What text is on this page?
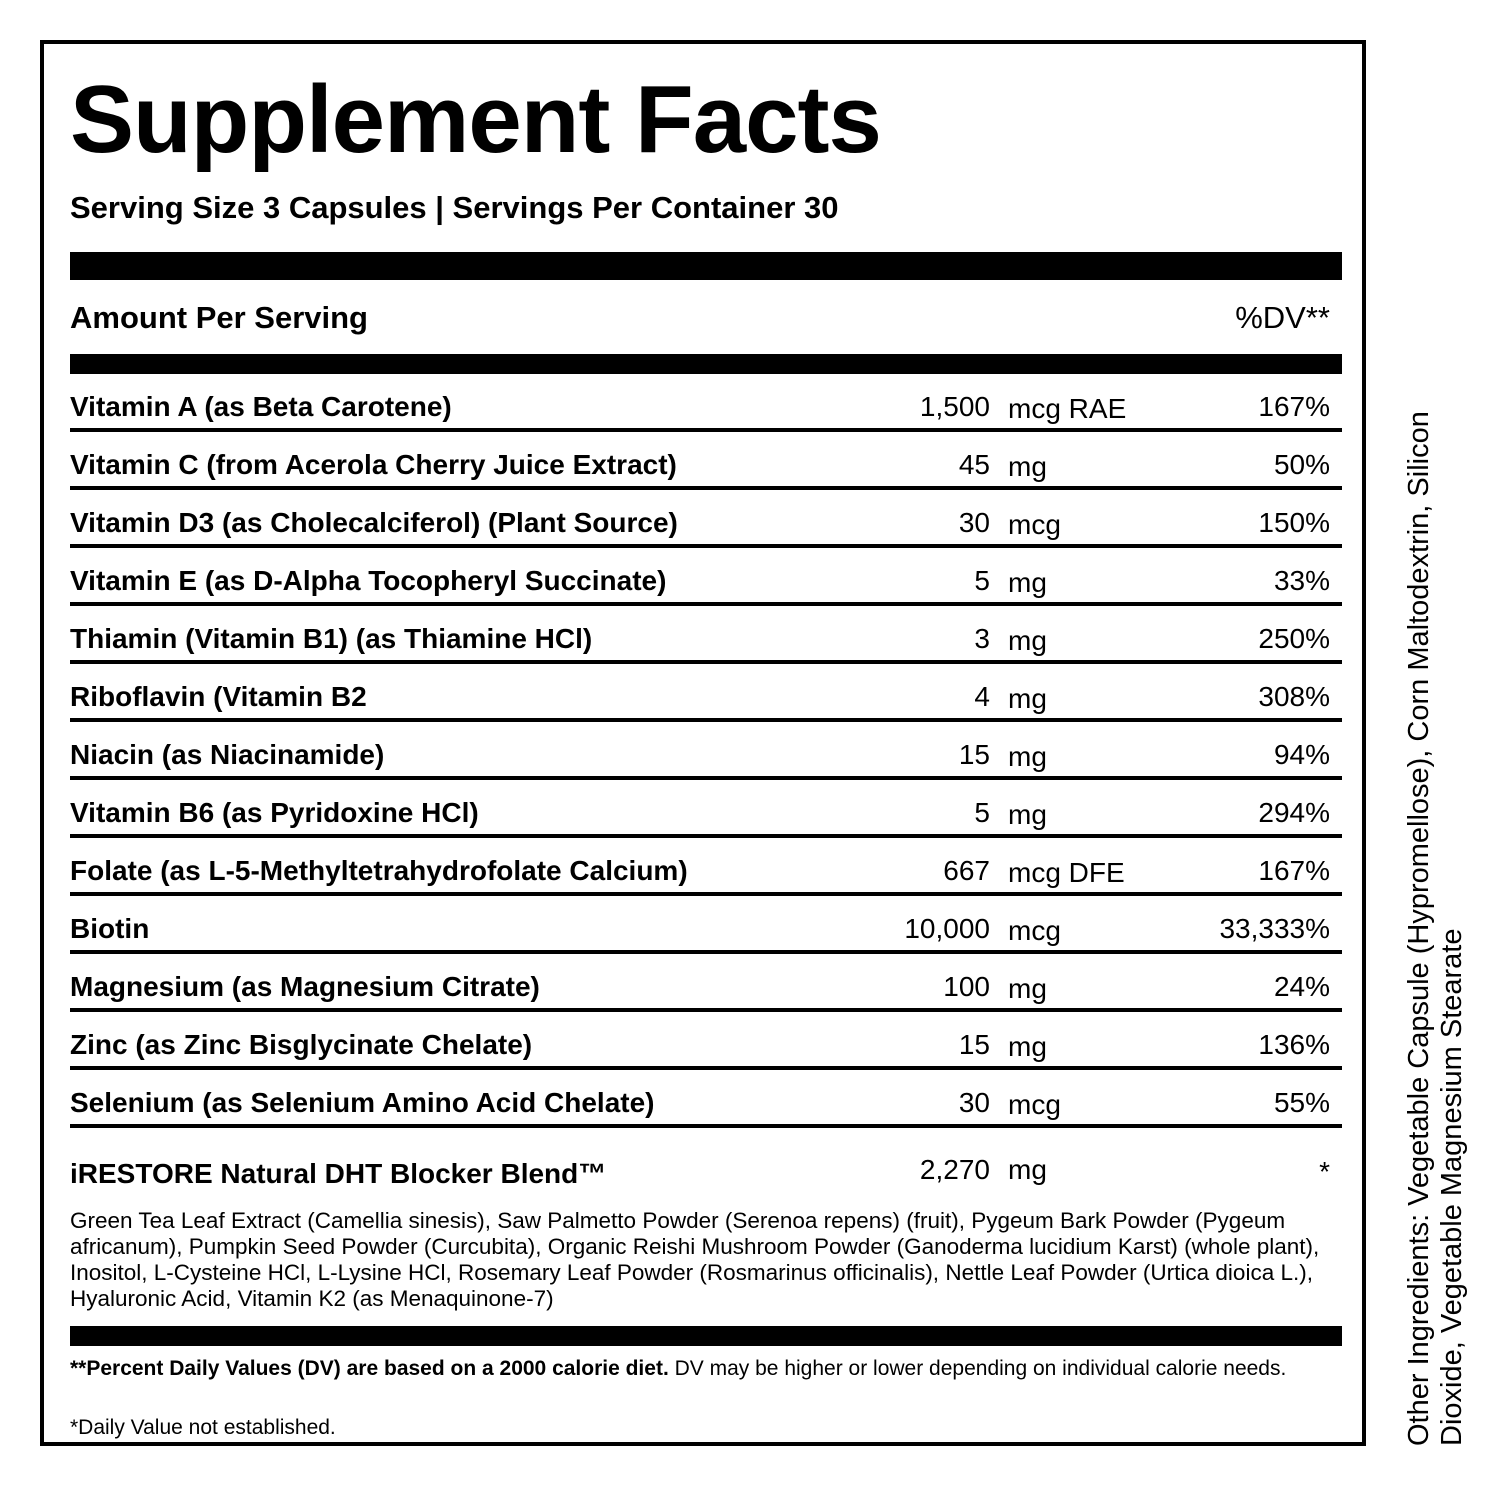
Supplement Facts
Serving Size 3 Capsules | Servings Per Container 30
Amount Per Serving	%DV**
Vitamin A (as Beta Carotene)	1,500 mcg RAE	167%
Vitamin C (from Acerola Cherry Juice Extract)	45 mg	50%
Vitamin D3 (as Cholecalciferol) (Plant Source)	30 mcg	150%
Vitamin E (as D-Alpha Tocopheryl Succinate)	5 mg	33%
Thiamin (Vitamin B1) (as Thiamine HCl)	3 mg	250%
Riboflavin (Vitamin B2	4 mg	308%
Niacin (as Niacinamide)	15 mg	94%
Vitamin B6 (as Pyridoxine HCl)	5 mg	294%
Folate (as L-5-Methyltetrahydrofolate Calcium)	667 mcg DFE	167%
Biotin	10,000 mcg	33,333%
Magnesium (as Magnesium Citrate)	100 mg	24%
Zinc (as Zinc Bisglycinate Chelate)	15 mg	136%
Selenium (as Selenium Amino Acid Chelate)	30 mcg	55%
iRESTORE Natural DHT Blocker Blend™	2,270 mg	*
Green Tea Leaf Extract (Camellia sinesis), Saw Palmetto Powder (Serenoa repens) (fruit), Pygeum Bark Powder (Pygeum africanum), Pumpkin Seed Powder (Curcubita), Organic Reishi Mushroom Powder (Ganoderma lucidium Karst) (whole plant), Inositol, L-Cysteine HCl, L-Lysine HCl, Rosemary Leaf Powder (Rosmarinus officinalis), Nettle Leaf Powder (Urtica dioica L.), Hyaluronic Acid, Vitamin K2 (as Menaquinone-7)
**Percent Daily Values (DV) are based on a 2000 calorie diet. DV may be higher or lower depending on individual calorie needs.
*Daily Value not established.	Other Ingredients: Vegetable Capsule (Hypromellose), Corn Maltodextrin, Silicon Dioxide, Vegetable Magnesium Stearate
